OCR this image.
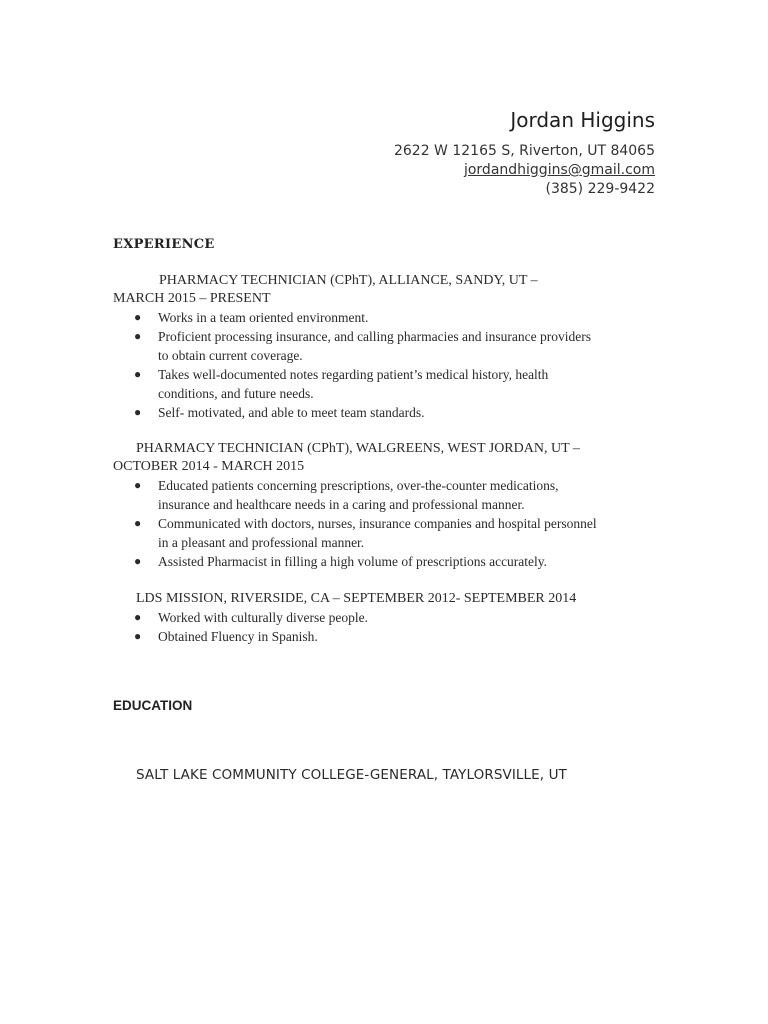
Jordan Higgins
2622 W 12165 S, Riverton, UT 84065
jordandhiggins@gmail.com
(385) 229-9422
EXPERIENCE
PHARMACY TECHNICIAN (CPhT), ALLIANCE, SANDY, UT –
MARCH 2015 – PRESENT
● Works in a team oriented environment.
● Proficient processing insurance, and calling pharmacies and insurance providers
to obtain current coverage.
● Takes well-documented notes regarding patient’s medical history, health
conditions, and future needs.
● Self- motivated, and able to meet team standards.
PHARMACY TECHNICIAN (CPhT), WALGREENS, WEST JORDAN, UT –
OCTOBER 2014 - MARCH 2015
● Educated patients concerning prescriptions, over-the-counter medications,
insurance and healthcare needs in a caring and professional manner.
● Communicated with doctors, nurses, insurance companies and hospital personnel
in a pleasant and professional manner.
● Assisted Pharmacist in filling a high volume of prescriptions accurately.
LDS MISSION, RIVERSIDE, CA – SEPTEMBER 2012- SEPTEMBER 2014
● Worked with culturally diverse people.
● Obtained Fluency in Spanish.
EDUCATION
SALT LAKE COMMUNITY COLLEGE-GENERAL, TAYLORSVILLE, UT
